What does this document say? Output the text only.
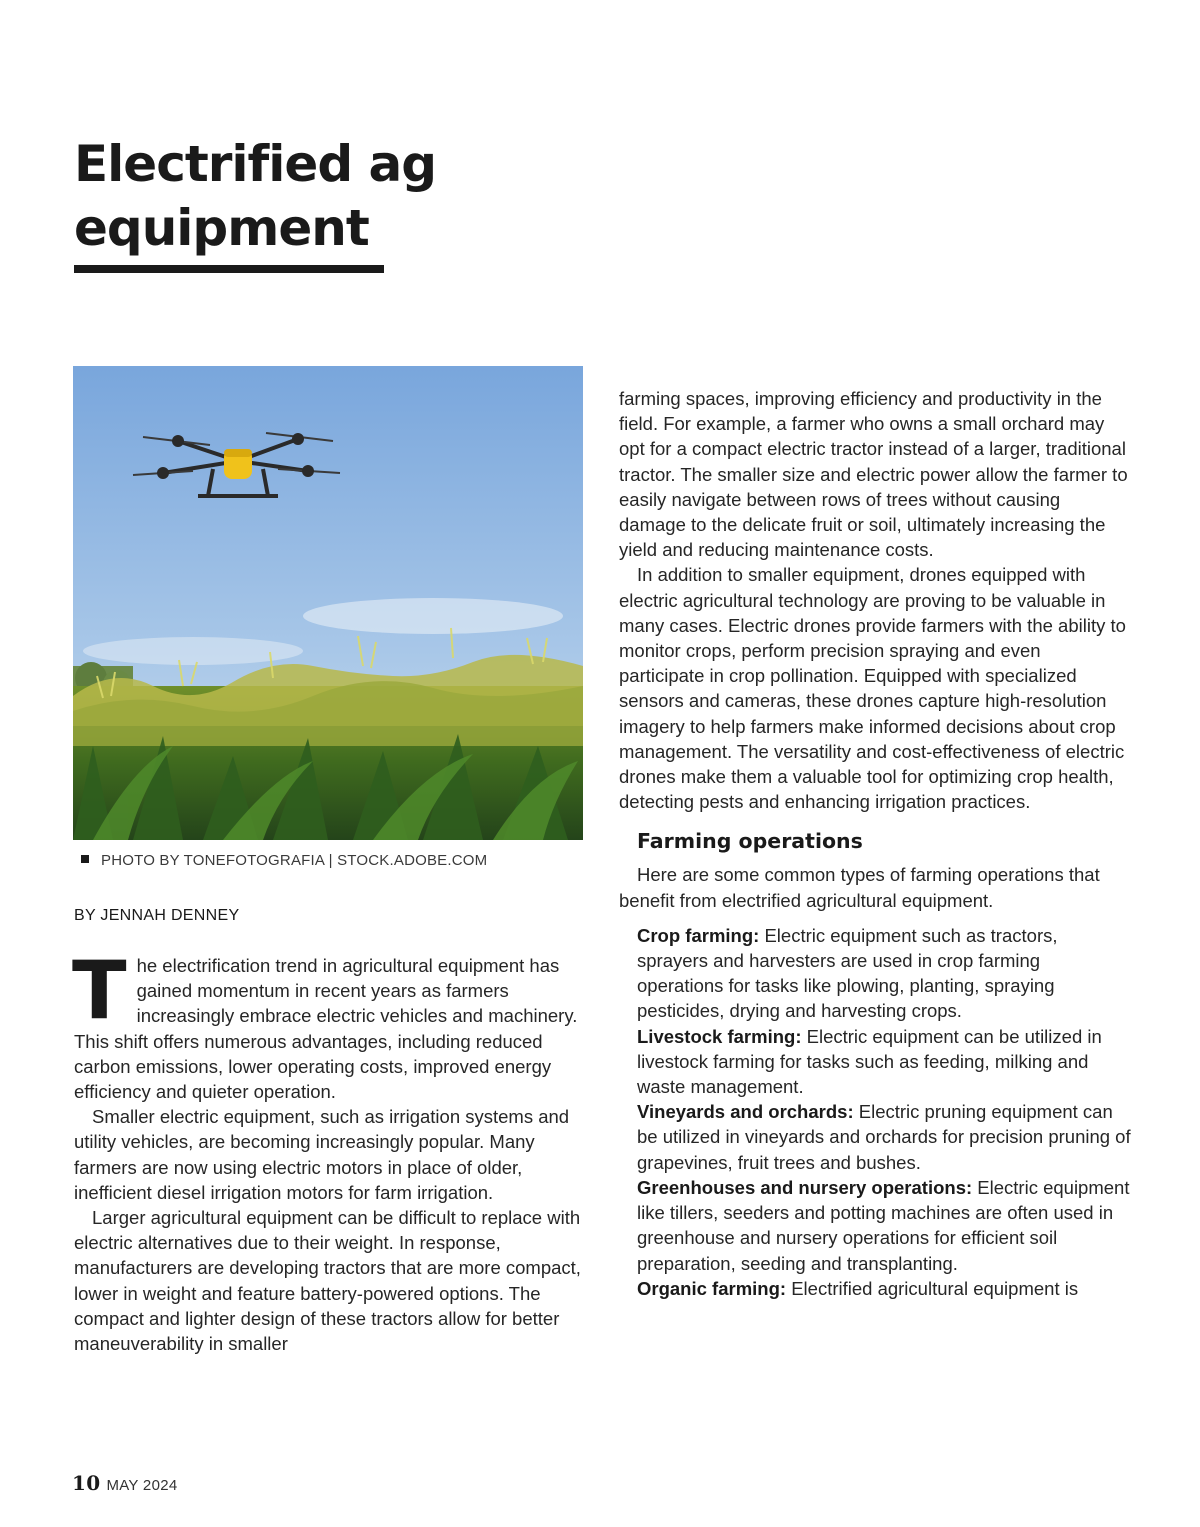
Electrified ag
equipment
PHOTO BY TONEFOTOGRAFIA | STOCK.ADOBE.COM
BY JENNAH DENNEY

The electrification trend in agricultural equipment has gained momentum in recent years as farmers increasingly embrace electric vehicles and machinery. This shift offers numerous advantages, including reduced carbon emissions, lower operating costs, improved energy efficiency and quieter operation.

Smaller electric equipment, such as irrigation systems and utility vehicles, are becoming increasingly popular. Many farmers are now using electric motors in place of older, inefficient diesel irrigation motors for farm irrigation.

Larger agricultural equipment can be difficult to replace with electric alternatives due to their weight. In response, manufacturers are developing tractors that are more compact, lower in weight and feature battery-powered options. The compact and lighter design of these tractors allow for better maneuverability in smaller

farming spaces, improving efficiency and productivity in the field. For example, a farmer who owns a small orchard may opt for a compact electric tractor instead of a larger, traditional tractor. The smaller size and electric power allow the farmer to easily navigate between rows of trees without causing damage to the delicate fruit or soil, ultimately increasing the yield and reducing maintenance costs.

In addition to smaller equipment, drones equipped with electric agricultural technology are proving to be valuable in many cases. Electric drones provide farmers with the ability to monitor crops, perform precision spraying and even participate in crop pollination. Equipped with specialized sensors and cameras, these drones capture high-resolution imagery to help farmers make informed decisions about crop management. The versatility and cost-effectiveness of electric drones make them a valuable tool for optimizing crop health, detecting pests and enhancing irrigation practices.

Farming operations

Here are some common types of farming operations that benefit from electrified agricultural equipment.

Crop farming: Electric equipment such as tractors, sprayers and harvesters are used in crop farming operations for tasks like plowing, planting, spraying pesticides, drying and harvesting crops.

Livestock farming: Electric equipment can be utilized in livestock farming for tasks such as feeding, milking and waste management.

Vineyards and orchards: Electric pruning equipment can be utilized in vineyards and orchards for precision pruning of grapevines, fruit trees and bushes.

Greenhouses and nursery operations: Electric equipment like tillers, seeders and potting machines are often used in greenhouse and nursery operations for efficient soil preparation, seeding and transplanting.

Organic farming: Electrified agricultural equipment is

10 MAY 2024
